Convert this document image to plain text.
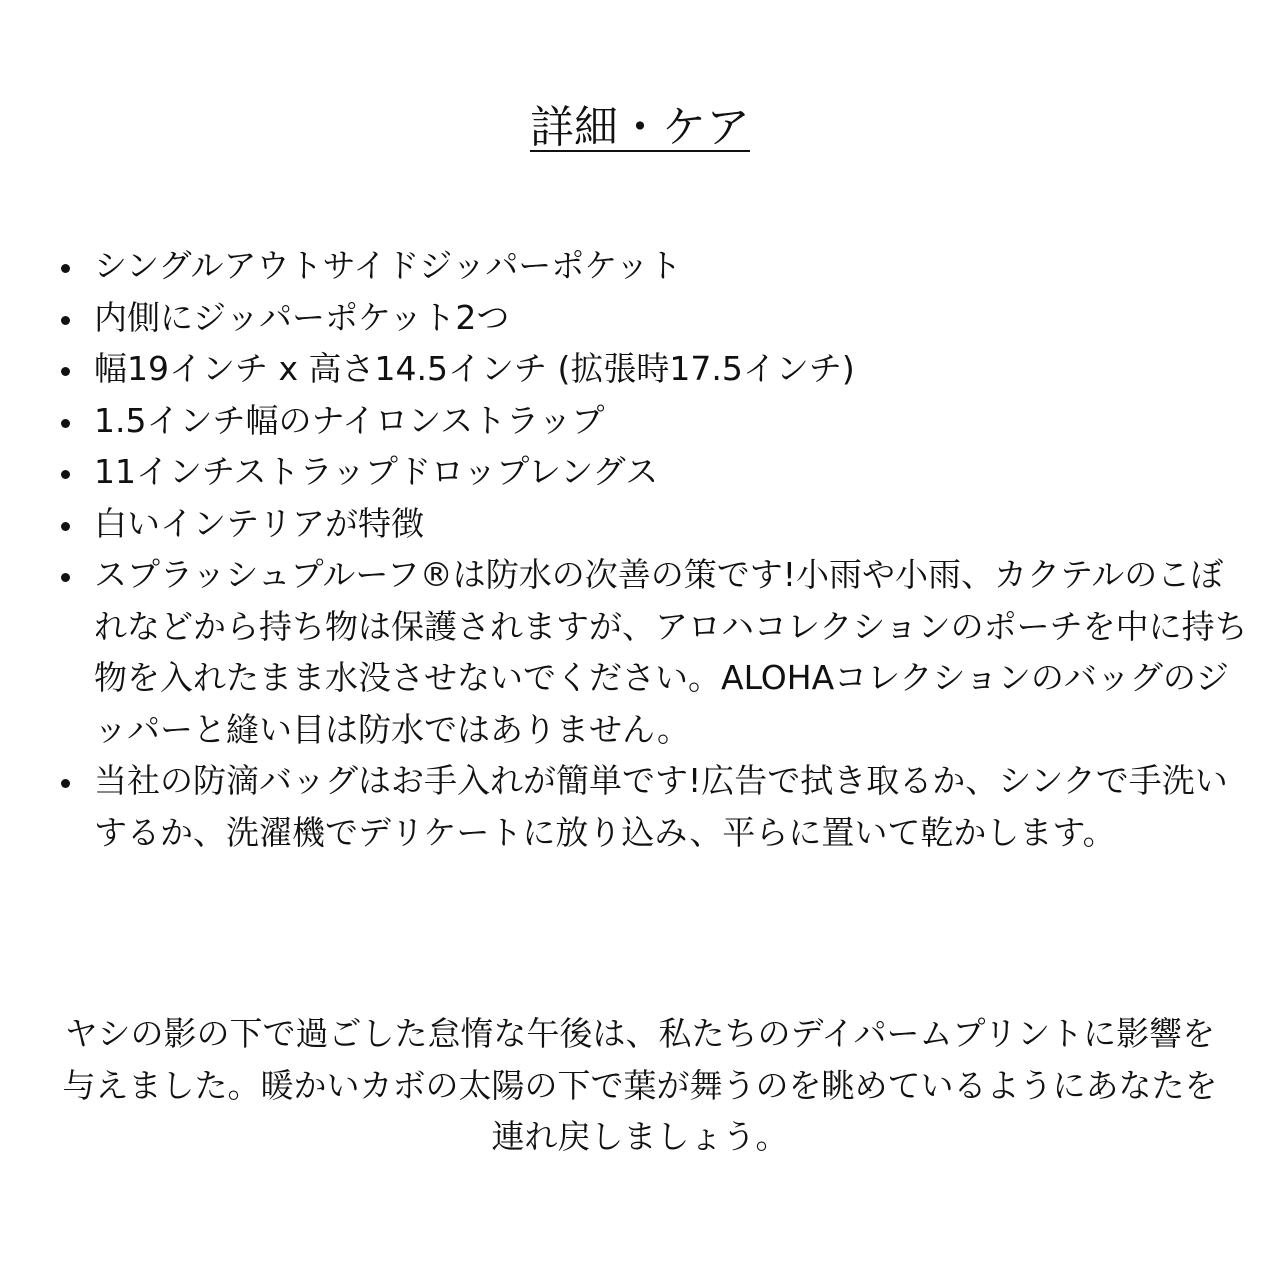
詳細・ケア
シングルアウトサイドジッパーポケット
内側にジッパーポケット2つ
幅19インチ x 高さ14.5インチ (拡張時17.5インチ)
1.5インチ幅のナイロンストラップ
11インチストラップドロップレングス
白いインテリアが特徴
スプラッシュプルーフ®は防水の次善の策です!小雨や小雨、カクテルのこぼれなどから持ち物は保護されますが、アロハコレクションのポーチを中に持ち物を入れたまま水没させないでください。ALOHAコレクションのバッグのジッパーと縫い目は防水ではありません。
当社の防滴バッグはお手入れが簡単です!広告で拭き取るか、シンクで手洗いするか、洗濯機でデリケートに放り込み、平らに置いて乾かします。

ヤシの影の下で過ごした怠惰な午後は、私たちのデイパームプリントに影響を与えました。暖かいカボの太陽の下で葉が舞うのを眺めているようにあなたを連れ戻しましょう。
